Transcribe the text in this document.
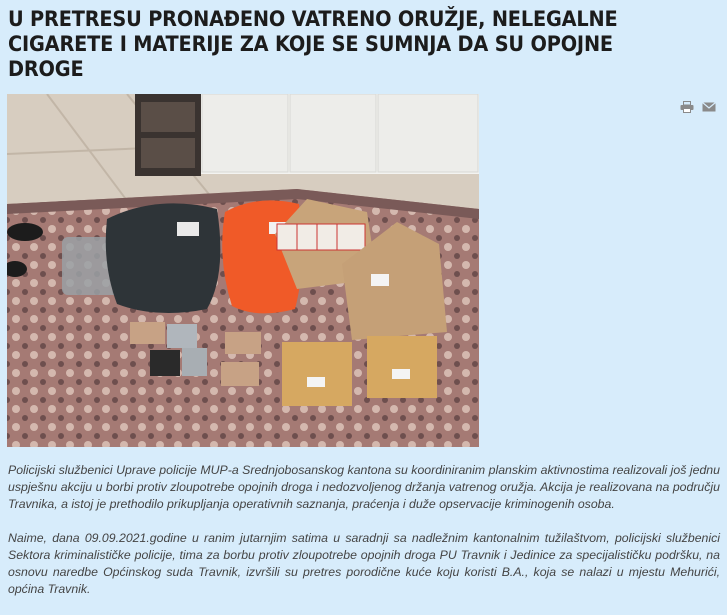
U PRETRESU PRONAĐENO VATRENO ORUŽJE, NELEGALNE CIGARETE I MATERIJE ZA KOJE SE SUMNJA DA SU OPOJNE DROGE

Policijski službenici Uprave policije MUP-a Srednjobosanskog kantona su koordiniranim planskim aktivnostima realizovali još jednu uspješnu akciju u borbi protiv zloupotrebe opojnih droga i nedozvoljenog držanja vatrenog oružja. Akcija je realizovana na području Travnika, a istoj je prethodilo prikupljanja operativnih saznanja, praćenja i duže opservacije kriminogenih osoba.

Naime, dana 09.09.2021.godine u ranim jutarnjim satima u saradnji sa nadležnim kantonalnim tužilaštvom, policijski službenici Sektora kriminalističke policije, tima za borbu protiv zloupotrebe opojnih droga PU Travnik i Jedinice za specijalističku podršku, na osnovu naredbe Općinskog suda Travnik, izvršili su pretres porodične kuće koju koristi B.A., koja se nalazi u mjestu Mehurići, općina Travnik.
